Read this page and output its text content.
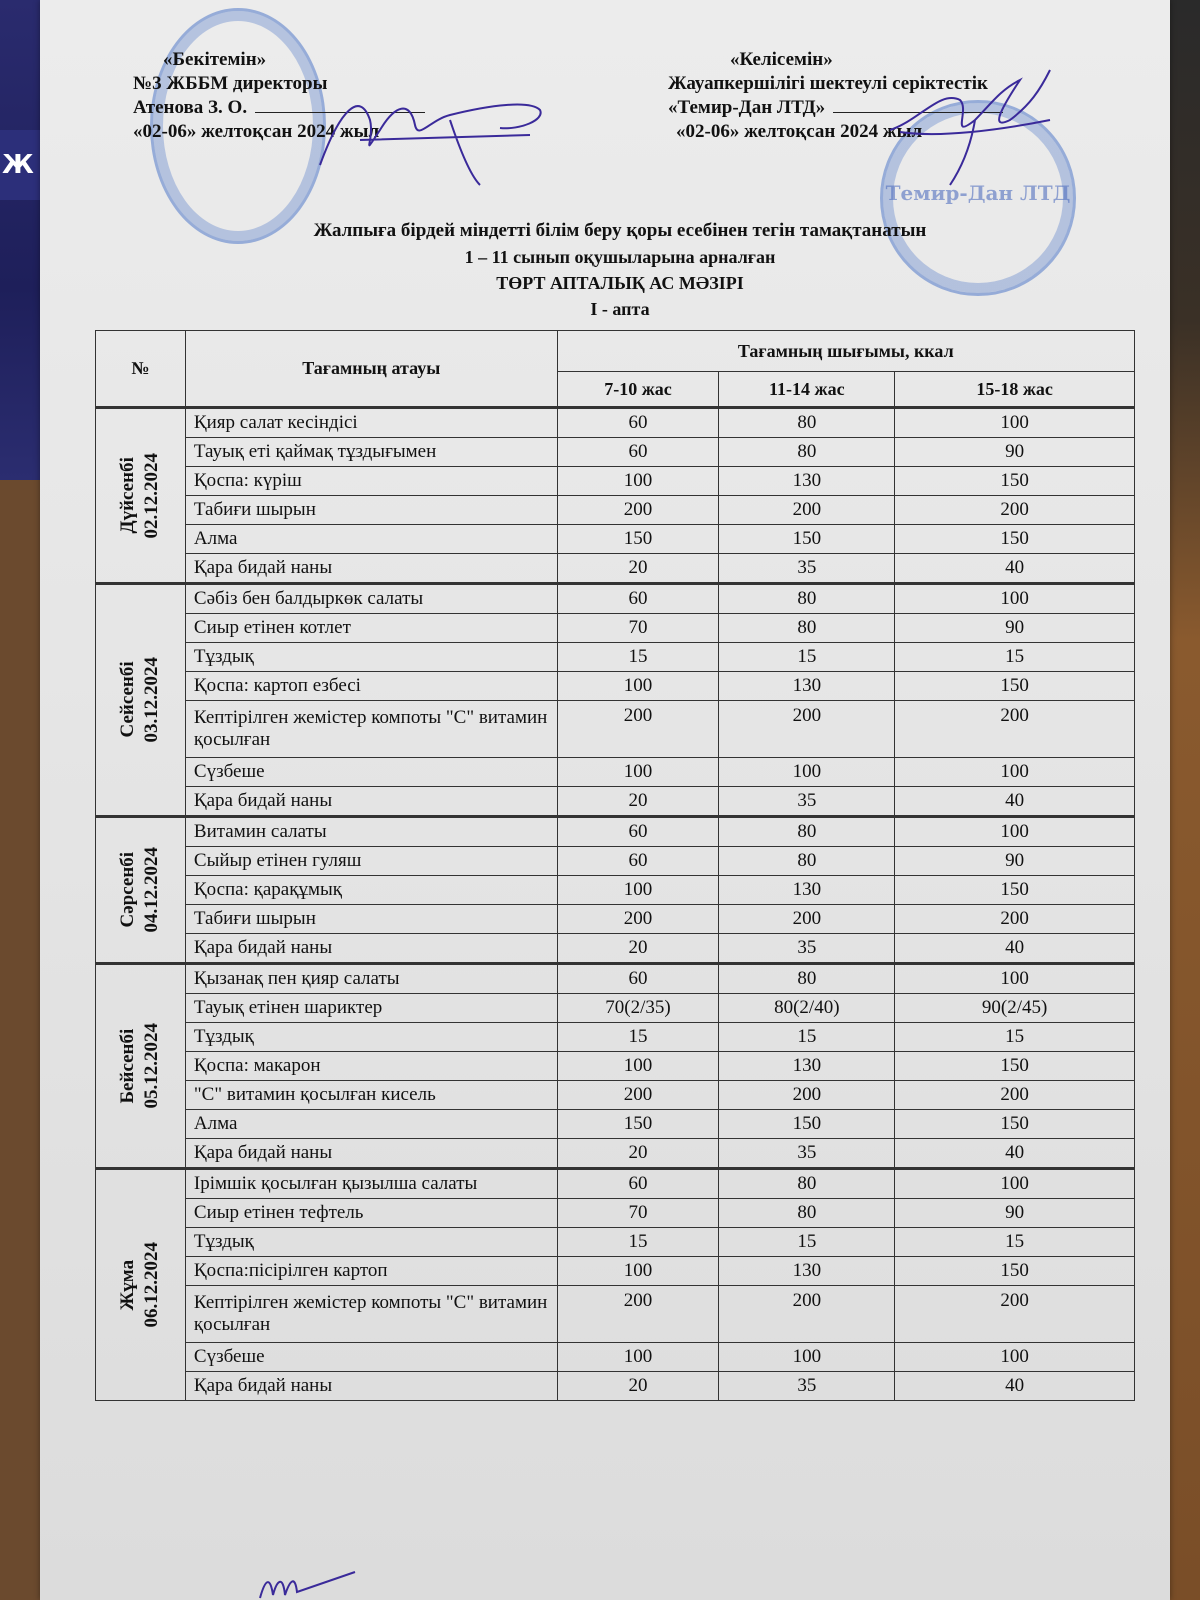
Ж
Темир-Дан ЛТД
«Бекітемін»
№3 ЖББМ директоры
Атенова З. О.
«02-06» желтоқсан 2024 жыл
«Келісемін»
Жауапкершілігі шектеулі серіктестік
«Темир-Дан ЛТД»
«02-06» желтоқсан 2024 жыл
Жалпыға бірдей міндетті білім беру қоры есебінен тегін тамақтанатын
1 – 11 сынып оқушыларына арналған
ТӨРТ АПТАЛЫҚ АС МӘЗІРІ
I - апта
№	Тағамның атауы	Тағамның шығымы, ккал		
		7-10 жас	11-14 жас	15-18 жас

Дүйсенбі 02.12.2024	Қияр салат кесіндісі	60	80	100
	Тауық еті қаймақ тұздығымен	60	80	90
	Қоспа: күріш	100	130	150
	Табиғи шырын	200	200	200
	Алма	150	150	150
	Қара бидай наны	20	35	40

Сейсенбі 03.12.2024	Сәбіз бен балдыркөк салаты	60	80	100
	Сиыр етінен котлет	70	80	90
	Тұздық	15	15	15
	Қоспа: картоп езбесі	100	130	150
	Кептірілген жемістер компоты "С" витамин қосылған	200	200	200
	Сүзбеше	100	100	100
	Қара бидай наны	20	35	40

Сәрсенбі 04.12.2024	Витамин салаты	60	80	100
	Сыйыр етінен гуляш	60	80	90
	Қоспа: қарақұмық	100	130	150
	Табиғи шырын	200	200	200
	Қара бидай наны	20	35	40

Бейсенбі 05.12.2024	Қызанақ пен қияр салаты	60	80	100
	Тауық етінен шариктер	70(2/35)	80(2/40)	90(2/45)
	Тұздық	15	15	15
	Қоспа: макарон	100	130	150
	"С" витамин қосылған кисель	200	200	200
	Алма	150	150	150
	Қара бидай наны	20	35	40

Жұма 06.12.2024	Ірімшік қосылған қызылша салаты	60	80	100
	Сиыр етінен тефтель	70	80	90
	Тұздық	15	15	15
	Қоспа:пісірілген картоп	100	130	150
	Кептірілген жемістер компоты "С" витамин қосылған	200	200	200
	Сүзбеше	100	100	100
	Қара бидай наны	20	35	40
